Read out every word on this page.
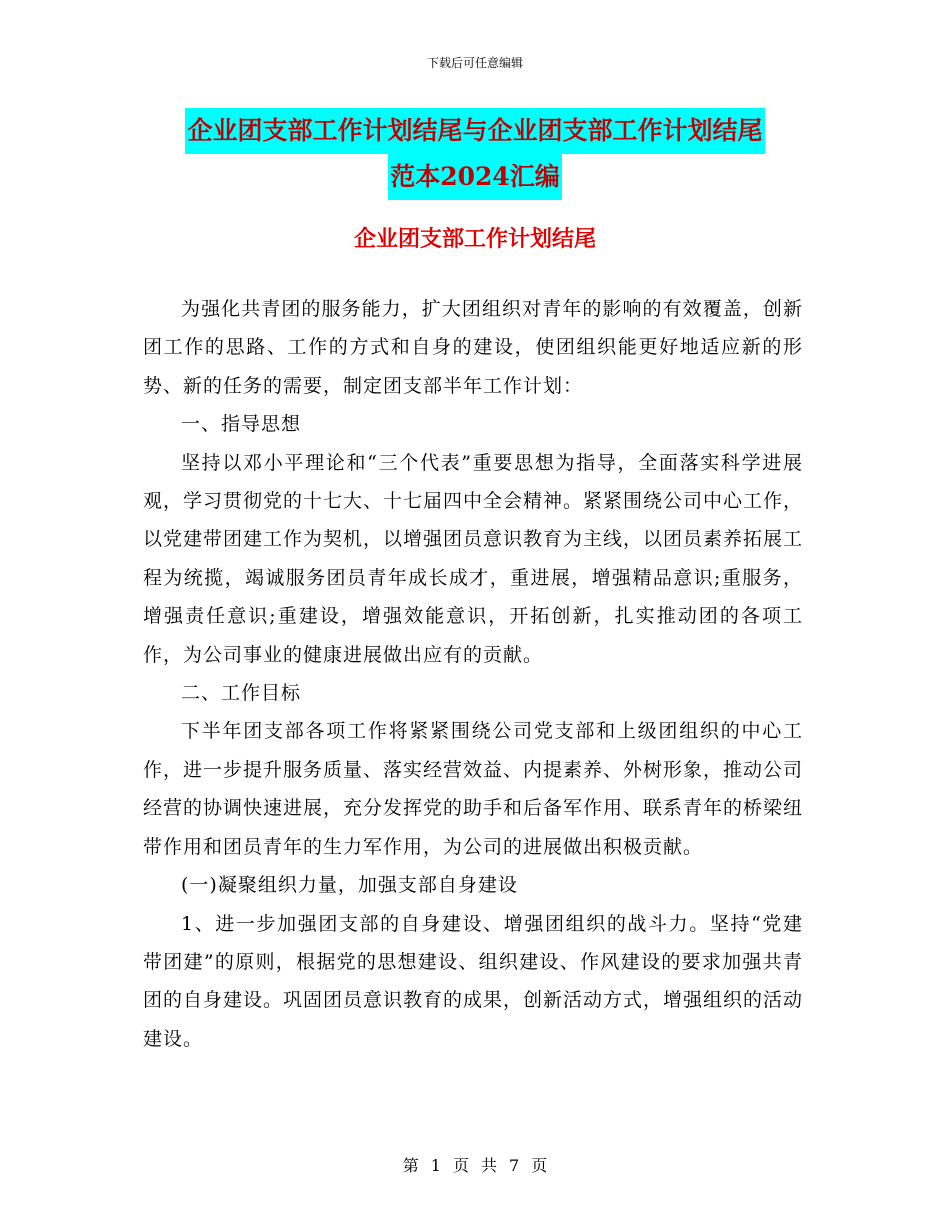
下载后可任意编辑
企业团支部工作计划结尾与企业团支部工作计划结尾
范本2024汇编
企业团支部工作计划结尾

为强化共青团的服务能力，扩大团组织对青年的影响的有效覆盖，创新团工作的思路、工作的方式和自身的建设，使团组织能更好地适应新的形势、新的任务的需要，制定团支部半年工作计划：

一、指导思想

坚持以邓小平理论和“三个代表”重要思想为指导，全面落实科学进展观，学习贯彻党的十七大、十七届四中全会精神。紧紧围绕公司中心工作，以党建带团建工作为契机，以增强团员意识教育为主线，以团员素养拓展工程为统揽，竭诚服务团员青年成长成才，重进展，增强精品意识;重服务，增强责任意识;重建设，增强效能意识，开拓创新，扎实推动团的各项工作，为公司事业的健康进展做出应有的贡献。

二、工作目标

下半年团支部各项工作将紧紧围绕公司党支部和上级团组织的中心工作，进一步提升服务质量、落实经营效益、内提素养、外树形象，推动公司经营的协调快速进展，充分发挥党的助手和后备军作用、联系青年的桥梁纽带作用和团员青年的生力军作用，为公司的进展做出积极贡献。

(一)凝聚组织力量，加强支部自身建设

1、进一步加强团支部的自身建设、增强团组织的战斗力。坚持“党建带团建”的原则，根据党的思想建设、组织建设、作风建设的要求加强共青团的自身建设。巩固团员意识教育的成果，创新活动方式，增强组织的活动建设。

第 1 页 共 7 页
